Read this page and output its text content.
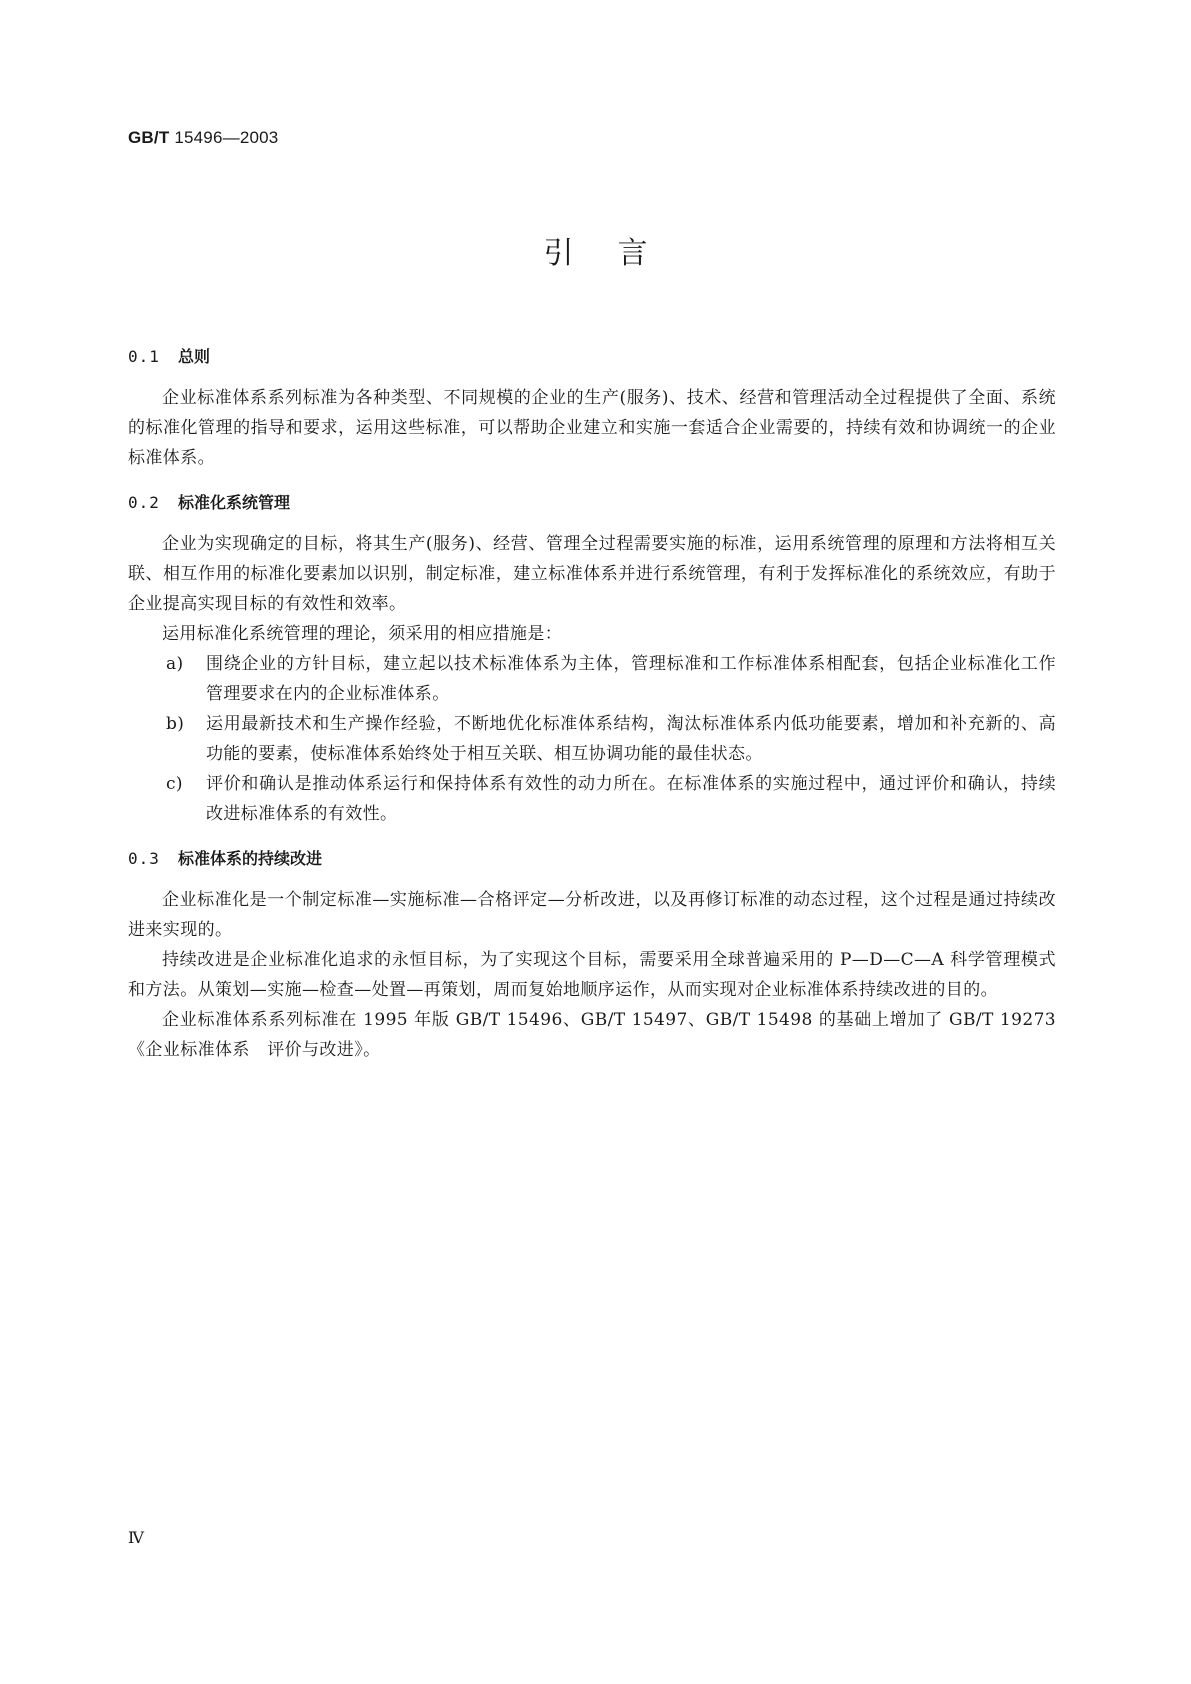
GB/T 15496—2003
引言
0.1 总则

企业标准体系系列标准为各种类型、不同规模的企业的生产(服务)、技术、经营和管理活动全过程提供了全面、系统的标准化管理的指导和要求，运用这些标准，可以帮助企业建立和实施一套适合企业需要的，持续有效和协调统一的企业标准体系。

0.2 标准化系统管理

企业为实现确定的目标，将其生产(服务)、经营、管理全过程需要实施的标准，运用系统管理的原理和方法将相互关联、相互作用的标准化要素加以识别，制定标准，建立标准体系并进行系统管理，有利于发挥标准化的系统效应，有助于企业提高实现目标的有效性和效率。

运用标准化系统管理的理论，须采用的相应措施是：

a) 围绕企业的方针目标，建立起以技术标准体系为主体，管理标准和工作标准体系相配套，包括企业标准化工作管理要求在内的企业标准体系。
b) 运用最新技术和生产操作经验，不断地优化标准体系结构，淘汰标准体系内低功能要素，增加和补充新的、高功能的要素，使标准体系始终处于相互关联、相互协调功能的最佳状态。
c) 评价和确认是推动体系运行和保持体系有效性的动力所在。在标准体系的实施过程中，通过评价和确认，持续改进标准体系的有效性。
0.3 标准体系的持续改进

企业标准化是一个制定标准—实施标准—合格评定—分析改进，以及再修订标准的动态过程，这个过程是通过持续改进来实现的。

持续改进是企业标准化追求的永恒目标，为了实现这个目标，需要采用全球普遍采用的 P—D—C—A 科学管理模式和方法。从策划—实施—检查—处置—再策划，周而复始地顺序运作，从而实现对企业标准体系持续改进的目的。

企业标准体系系列标准在 1995 年版 GB/T 15496、GB/T 15497、GB/T 15498 的基础上增加了 GB/T 19273《企业标准体系　评价与改进》。

Ⅳ
